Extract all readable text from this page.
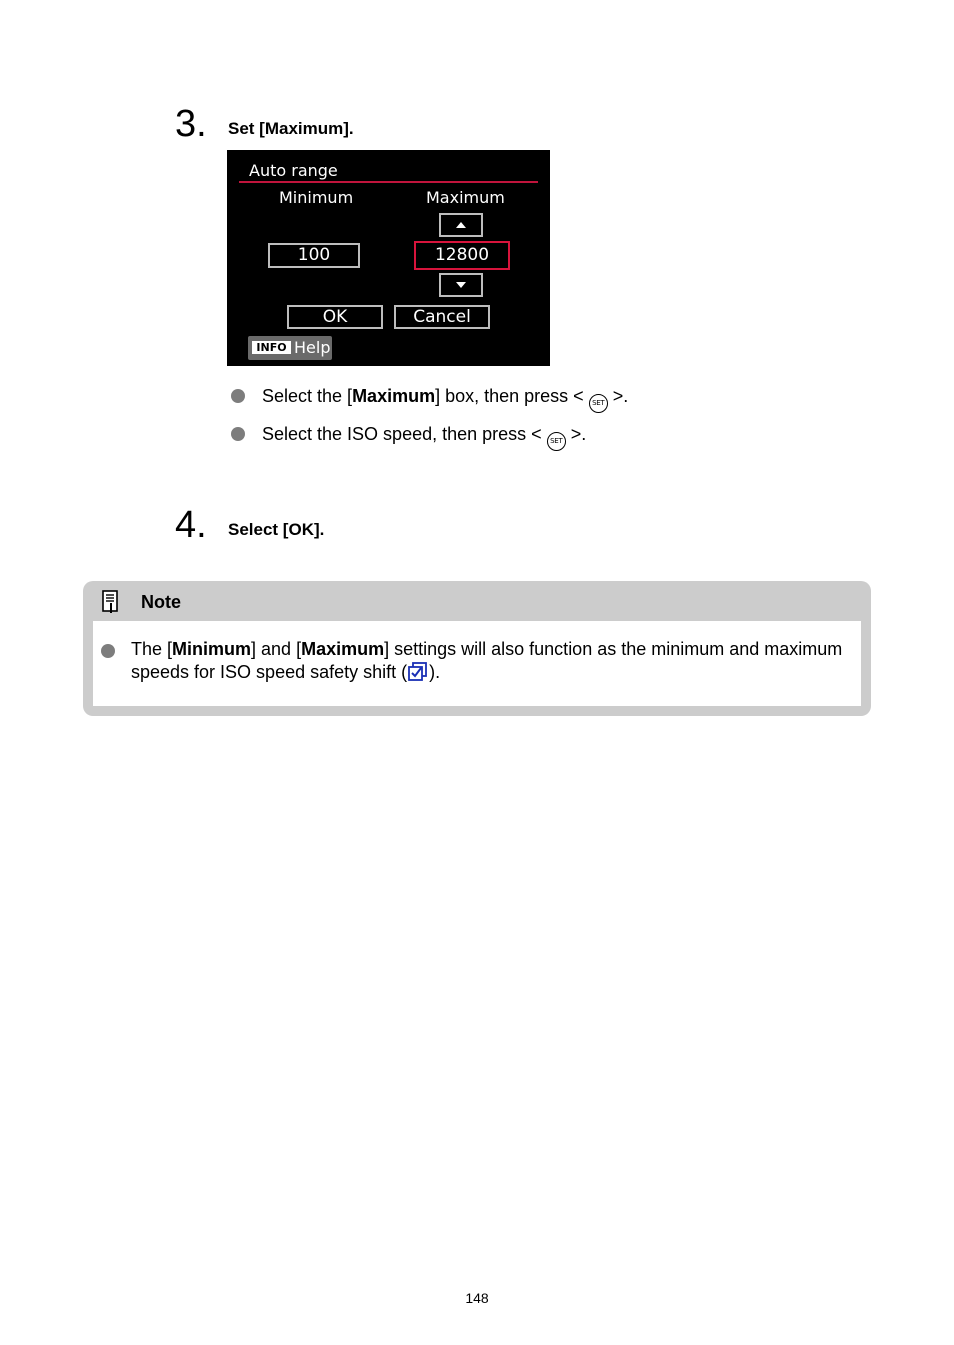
3. Set [Maximum].
Auto range
Minimum	Maximum
100	12800
OK	Cancel
INFO Help
Select the [Maximum] box, then press < SET >.
Select the ISO speed, then press < SET >.
4. Select [OK].
Note
The [Minimum] and [Maximum] settings will also function as the minimum and maximum speeds for ISO speed safety shift ( ).
148
